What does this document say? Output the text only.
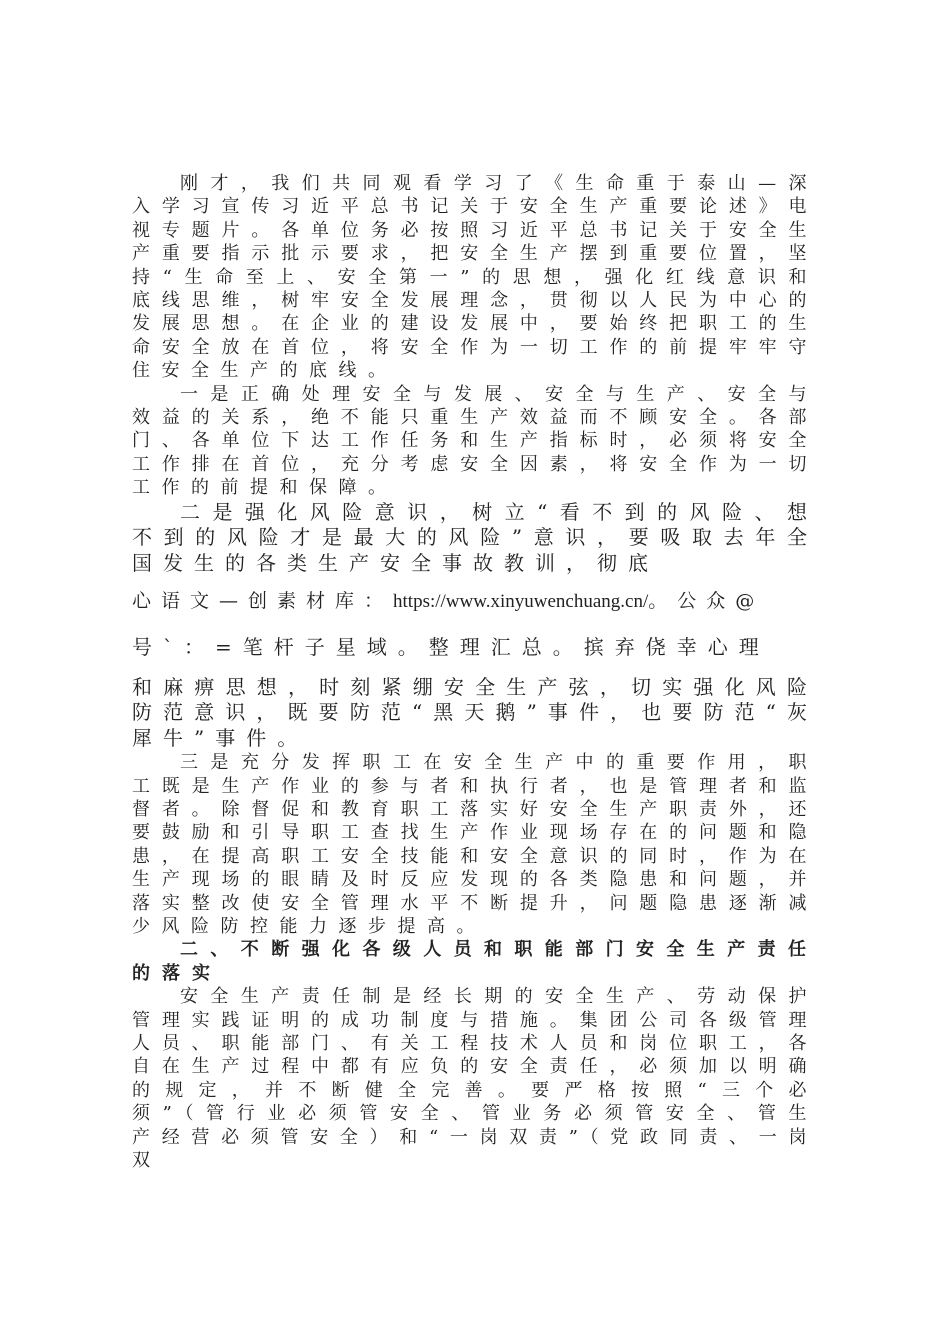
刚才，我们共同观看学习了《生命重于泰山—深入学习宣传习近平总书记关于安全生产重要论述》电视专题片。各单位务必按照习近平总书记关于安全生产重要指示批示要求，把安全生产摆到重要位置，坚持“生命至上、安全第一”的思想，强化红线意识和底线思维，树牢安全发展理念，贯彻以人民为中心的发展思想。在企业的建设发展中，要始终把职工的生命安全放在首位，将安全作为一切工作的前提牢牢守住安全生产的底线。

一是正确处理安全与发展、安全与生产、安全与效益的关系，绝不能只重生产效益而不顾安全。各部门、各单位下达工作任务和生产指标时，必须将安全工作排在首位，充分考虑安全因素，将安全作为一切工作的前提和保障。

二是强化风险意识，树立“看不到的风险、想不到的风险才是最大的风险”意识，要吸取去年全国发生的各类生产安全事故教训，彻底

心语文—创素材库：https://www.xinyuwenchuang.cn/。公众@

号`：=笔杆子星域。整理汇总。摈弃侥幸心理

和麻痹思想，时刻紧绷安全生产弦，切实强化风险防范意识，既要防范“黑天鹅”事件，也要防范“灰犀牛”事件。

三是充分发挥职工在安全生产中的重要作用，职工既是生产作业的参与者和执行者，也是管理者和监督者。除督促和教育职工落实好安全生产职责外，还要鼓励和引导职工查找生产作业现场存在的问题和隐患，在提高职工安全技能和安全意识的同时，作为在生产现场的眼睛及时反应发现的各类隐患和问题，并落实整改使安全管理水平不断提升，问题隐患逐渐减少风险防控能力逐步提高。

二、不断强化各级人员和职能部门安全生产责任的落实

安全生产责任制是经长期的安全生产、劳动保护管理实践证明的成功制度与措施。集团公司各级管理人员、职能部门、有关工程技术人员和岗位职工，各自在生产过程中都有应负的安全责任，必须加以明确的规定，并不断健全完善。要严格按照“三个必须”（管行业必须管安全、管业务必须管安全、管生产经营必须管安全）和“一岗双责”（党政同责、一岗双
